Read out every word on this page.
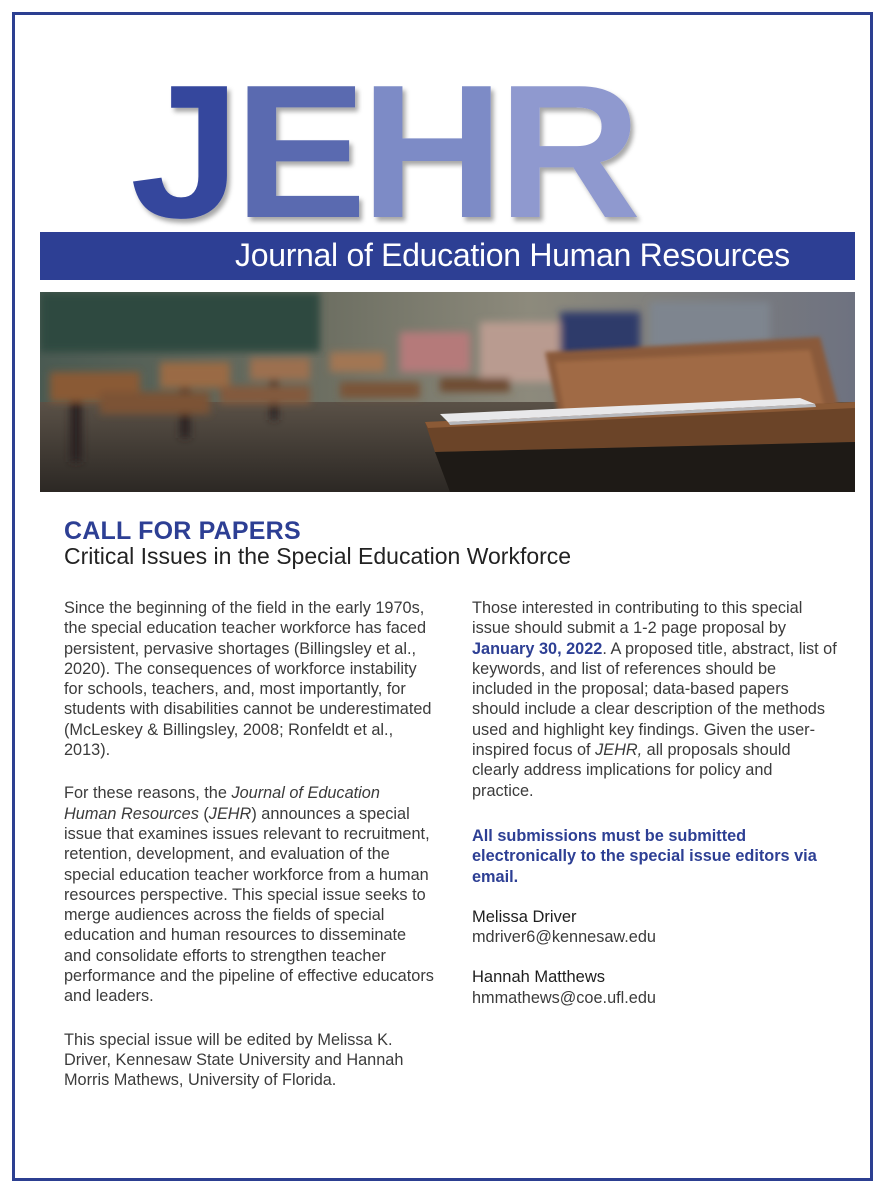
JEHR
Journal of Education Human Resources
CALL FOR PAPERS
Critical Issues in the Special Education Workforce

Since the beginning of the field in the early 1970s, the special education teacher workforce has faced persistent, pervasive shortages (Billingsley et al., 2020). The consequences of workforce instability for schools, teachers, and, most importantly, for students with disabilities cannot be underestimated (McLeskey & Billingsley, 2008; Ronfeldt et al., 2013).

For these reasons, the Journal of Education Human Resources (JEHR) announces a special issue that examines issues relevant to recruitment, retention, development, and evaluation of the special education teacher workforce from a human resources perspective. This special issue seeks to merge audiences across the fields of special education and human resources to disseminate and consolidate efforts to strengthen teacher performance and the pipeline of effective educators and leaders.

This special issue will be edited by Melissa K. Driver, Kennesaw State University and Hannah Morris Mathews, University of Florida.

Those interested in contributing to this special issue should submit a 1-2 page proposal by January 30, 2022. A proposed title, abstract, list of keywords, and list of references should be included in the proposal; data-based papers should include a clear description of the methods used and highlight key findings. Given the user-inspired focus of JEHR, all proposals should clearly address implications for policy and practice.

All submissions must be submitted electronically to the special issue editors via email.

Melissa Driver

mdriver6@kennesaw.edu

Hannah Matthews

hmmathews@coe.ufl.edu
